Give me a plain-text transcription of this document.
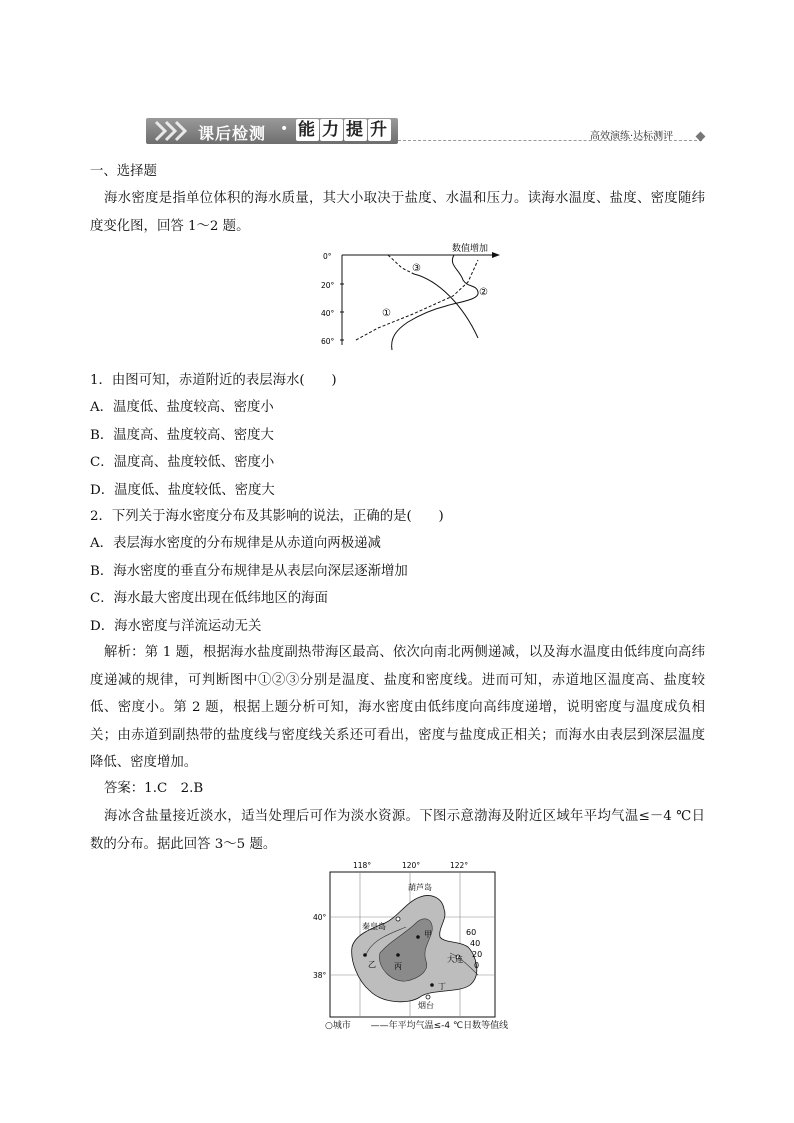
课后检测 • 能 力 提 升	高效演练·达标测评
一、选择题
海水密度是指单位体积的海水质量，其大小取决于盐度、水温和压力。读海水温度、盐度、密度随纬度变化图，回答 1～2 题。
数值增加
0°
20°
40°
60°
①
②
③
1．由图可知，赤道附近的表层海水(　　)
A．温度低、盐度较高、密度小
B．温度高、盐度较高、密度大
C．温度高、盐度较低、密度小
D．温度低、盐度较低、密度大
2．下列关于海水密度分布及其影响的说法，正确的是(　　)
A．表层海水密度的分布规律是从赤道向两极递减
B．海水密度的垂直分布规律是从表层向深层逐渐增加
C．海水最大密度出现在低纬地区的海面
D．海水密度与洋流运动无关
解析：第 1 题，根据海水盐度副热带海区最高、依次向南北两侧递减，以及海水温度由低纬度向高纬度递减的规律，可判断图中①②③分别是温度、盐度和密度线。进而可知，赤道地区温度高、盐度较低、密度小。第 2 题，根据上题分析可知，海水密度由低纬度向高纬度递增，说明密度与温度成负相关；由赤道到副热带的盐度线与密度线关系还可看出，密度与盐度成正相关；而海水由表层到深层温度降低、密度增加。
答案：1.C　2.B
海冰含盐量接近淡水，适当处理后可作为淡水资源。下图示意渤海及附近区域年平均气温≤－4 ℃日数的分布。据此回答 3～5 题。
118°	120°	122°
40°
38°
60
40
20
0
葫芦岛
秦皇岛
甲
乙 丙
大连
丁
烟台
○城市 ——年平均气温≤-4 ℃日数等值线
